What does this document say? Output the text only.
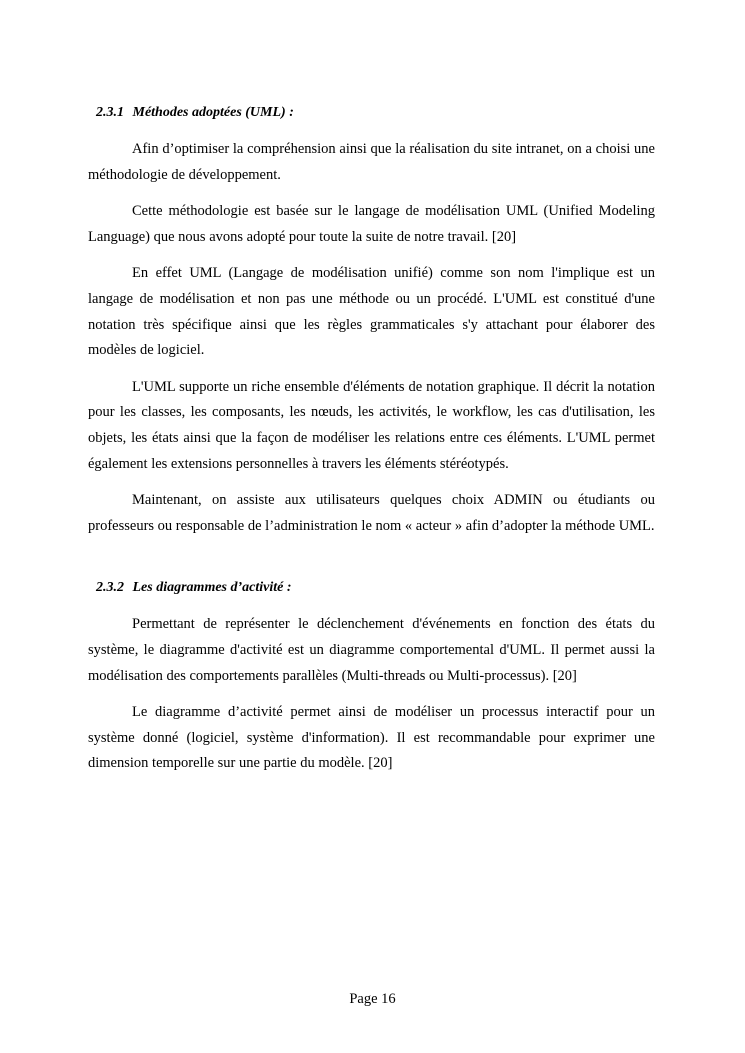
2.3.1 Méthodes adoptées (UML) :

Afin d’optimiser la compréhension ainsi que la réalisation du site intranet, on a choisi une méthodologie de développement.

Cette méthodologie est basée sur le langage de modélisation UML (Unified Modeling Language) que nous avons adopté pour toute la suite de notre travail. [20]

En effet UML (Langage de modélisation unifié) comme son nom l'implique est un langage de modélisation et non pas une méthode ou un procédé. L'UML est constitué d'une notation très spécifique ainsi que les règles grammaticales s'y attachant pour élaborer des modèles de logiciel.

L'UML supporte un riche ensemble d'éléments de notation graphique. Il décrit la notation pour les classes, les composants, les nœuds, les activités, le workflow, les cas d'utilisation, les objets, les états ainsi que la façon de modéliser les relations entre ces éléments. L'UML permet également les extensions personnelles à travers les éléments stéréotypés.

Maintenant, on assiste aux utilisateurs quelques choix ADMIN ou étudiants ou professeurs ou responsable de l’administration le nom « acteur » afin d’adopter la méthode UML.

2.3.2 Les diagrammes d’activité :

Permettant de représenter le déclenchement d'événements en fonction des états du système, le diagramme d'activité est un diagramme comportemental d'UML. Il permet aussi la modélisation des comportements parallèles (Multi-threads ou Multi-processus). [20]

Le diagramme d’activité permet ainsi de modéliser un processus interactif pour un système donné (logiciel, système d'information). Il est recommandable pour exprimer une dimension temporelle sur une partie du modèle. [20]

Page 16
